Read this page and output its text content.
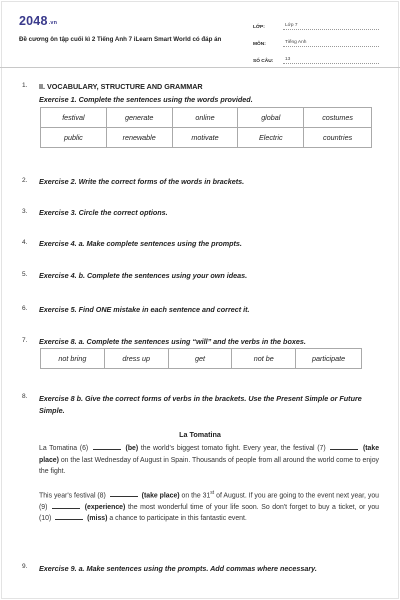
$2048_{.vn}$
Đề cương ôn tập cuối kì 2 Tiếng Anh 7 iLearn Smart World có đáp án
LỚP:	Lớp 7
MÔN:	Tiếng Anh
SỐ CÂU:	13
1. II. VOCABULARY, STRUCTURE AND GRAMMAR
Exercise 1. Complete the sentences using the words provided.
festival	generate	online	global	costumes
public	renewable	motivate	Electric	countries
2. Exercise 2. Write the correct forms of the words in brackets.
3. Exercise 3. Circle the correct options.
4. Exercise 4. a. Make complete sentences using the prompts.
5. Exercise 4. b. Complete the sentences using your own ideas.
6. Exercise 5. Find ONE mistake in each sentence and correct it.
7. Exercise 8. a. Complete the sentences using “will” and the verbs in the boxes.
not bring	dress up	get	not be	participate
8. Exercise 8 b. Give the correct forms of verbs in the brackets. Use the Present Simple or Future Simple.
La Tomatina
La Tomatina (6)	(be) the world's biggest tomato fight. Every year, the festival (7)	(take place) on the last Wednesday of August in Spain. Thousands of people from all around the world come to enjoy the fight.
This year's festival (8)	(take place) on the 31st of August. If you are going to the event next year, you (9)	(experience) the most wonderful time of your life soon. So don't forget to buy a ticket, or you (10)	(miss) a chance to participate in this fantastic event.
9. Exercise 9. a. Make sentences using the prompts. Add commas where necessary.
